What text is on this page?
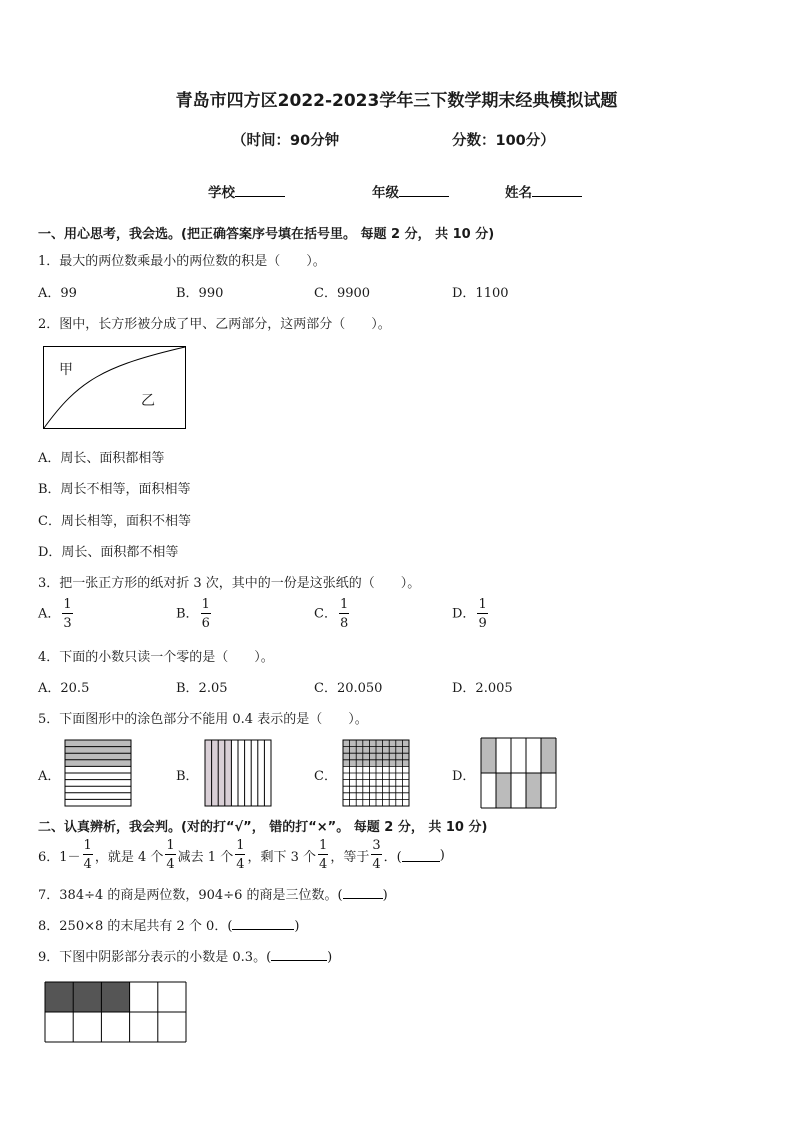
青岛市四方区2022-2023学年三下数学期末经典模拟试题
（时间：90分钟	分数：100分）
学校	年级	姓名
一、用心思考，我会选。(把正确答案序号填在括号里。 每题 2 分， 共 10 分)
1．最大的两位数乘最小的两位数的积是（　　）。
A．99	B．990	C．9900	D．1100
2．图中，长方形被分成了甲、乙两部分，这两部分（　　）。
甲
乙
A．周长、面积都相等
B．周长不相等，面积相等
C．周长相等，面积不相等
D．周长、面积都不相等
3．把一张正方形的纸对折 3 次，其中的一份是这张纸的（　　）。
A． $\frac{1}{3}$	B． $\frac{1}{6}$	C． $\frac{1}{8}$	D． $\frac{1}{9}$
4．下面的小数只读一个零的是（　　）。
A．20.5	B．2.05	C．20.050	D．2.005
5．下面图形中的涂色部分不能用 0.4 表示的是（　　）。
A．	B．	C．	D．
二、认真辨析，我会判。(对的打“√”， 错的打“×”。 每题 2 分， 共 10 分)
6．$1- \frac{1}{4}$ ，就是 4 个 $\frac{1}{4}$ 减去 1 个 $\frac{1}{4}$ ，剩下 3 个 $\frac{1}{4}$ ，等于 $\frac{3}{4}$ ．(	)
7．384÷4 的商是两位数，904÷6 的商是三位数。(	)
8．250×8 的末尾共有 2 个 0．(	)
9．下图中阴影部分表示的小数是 0.3。(	)
